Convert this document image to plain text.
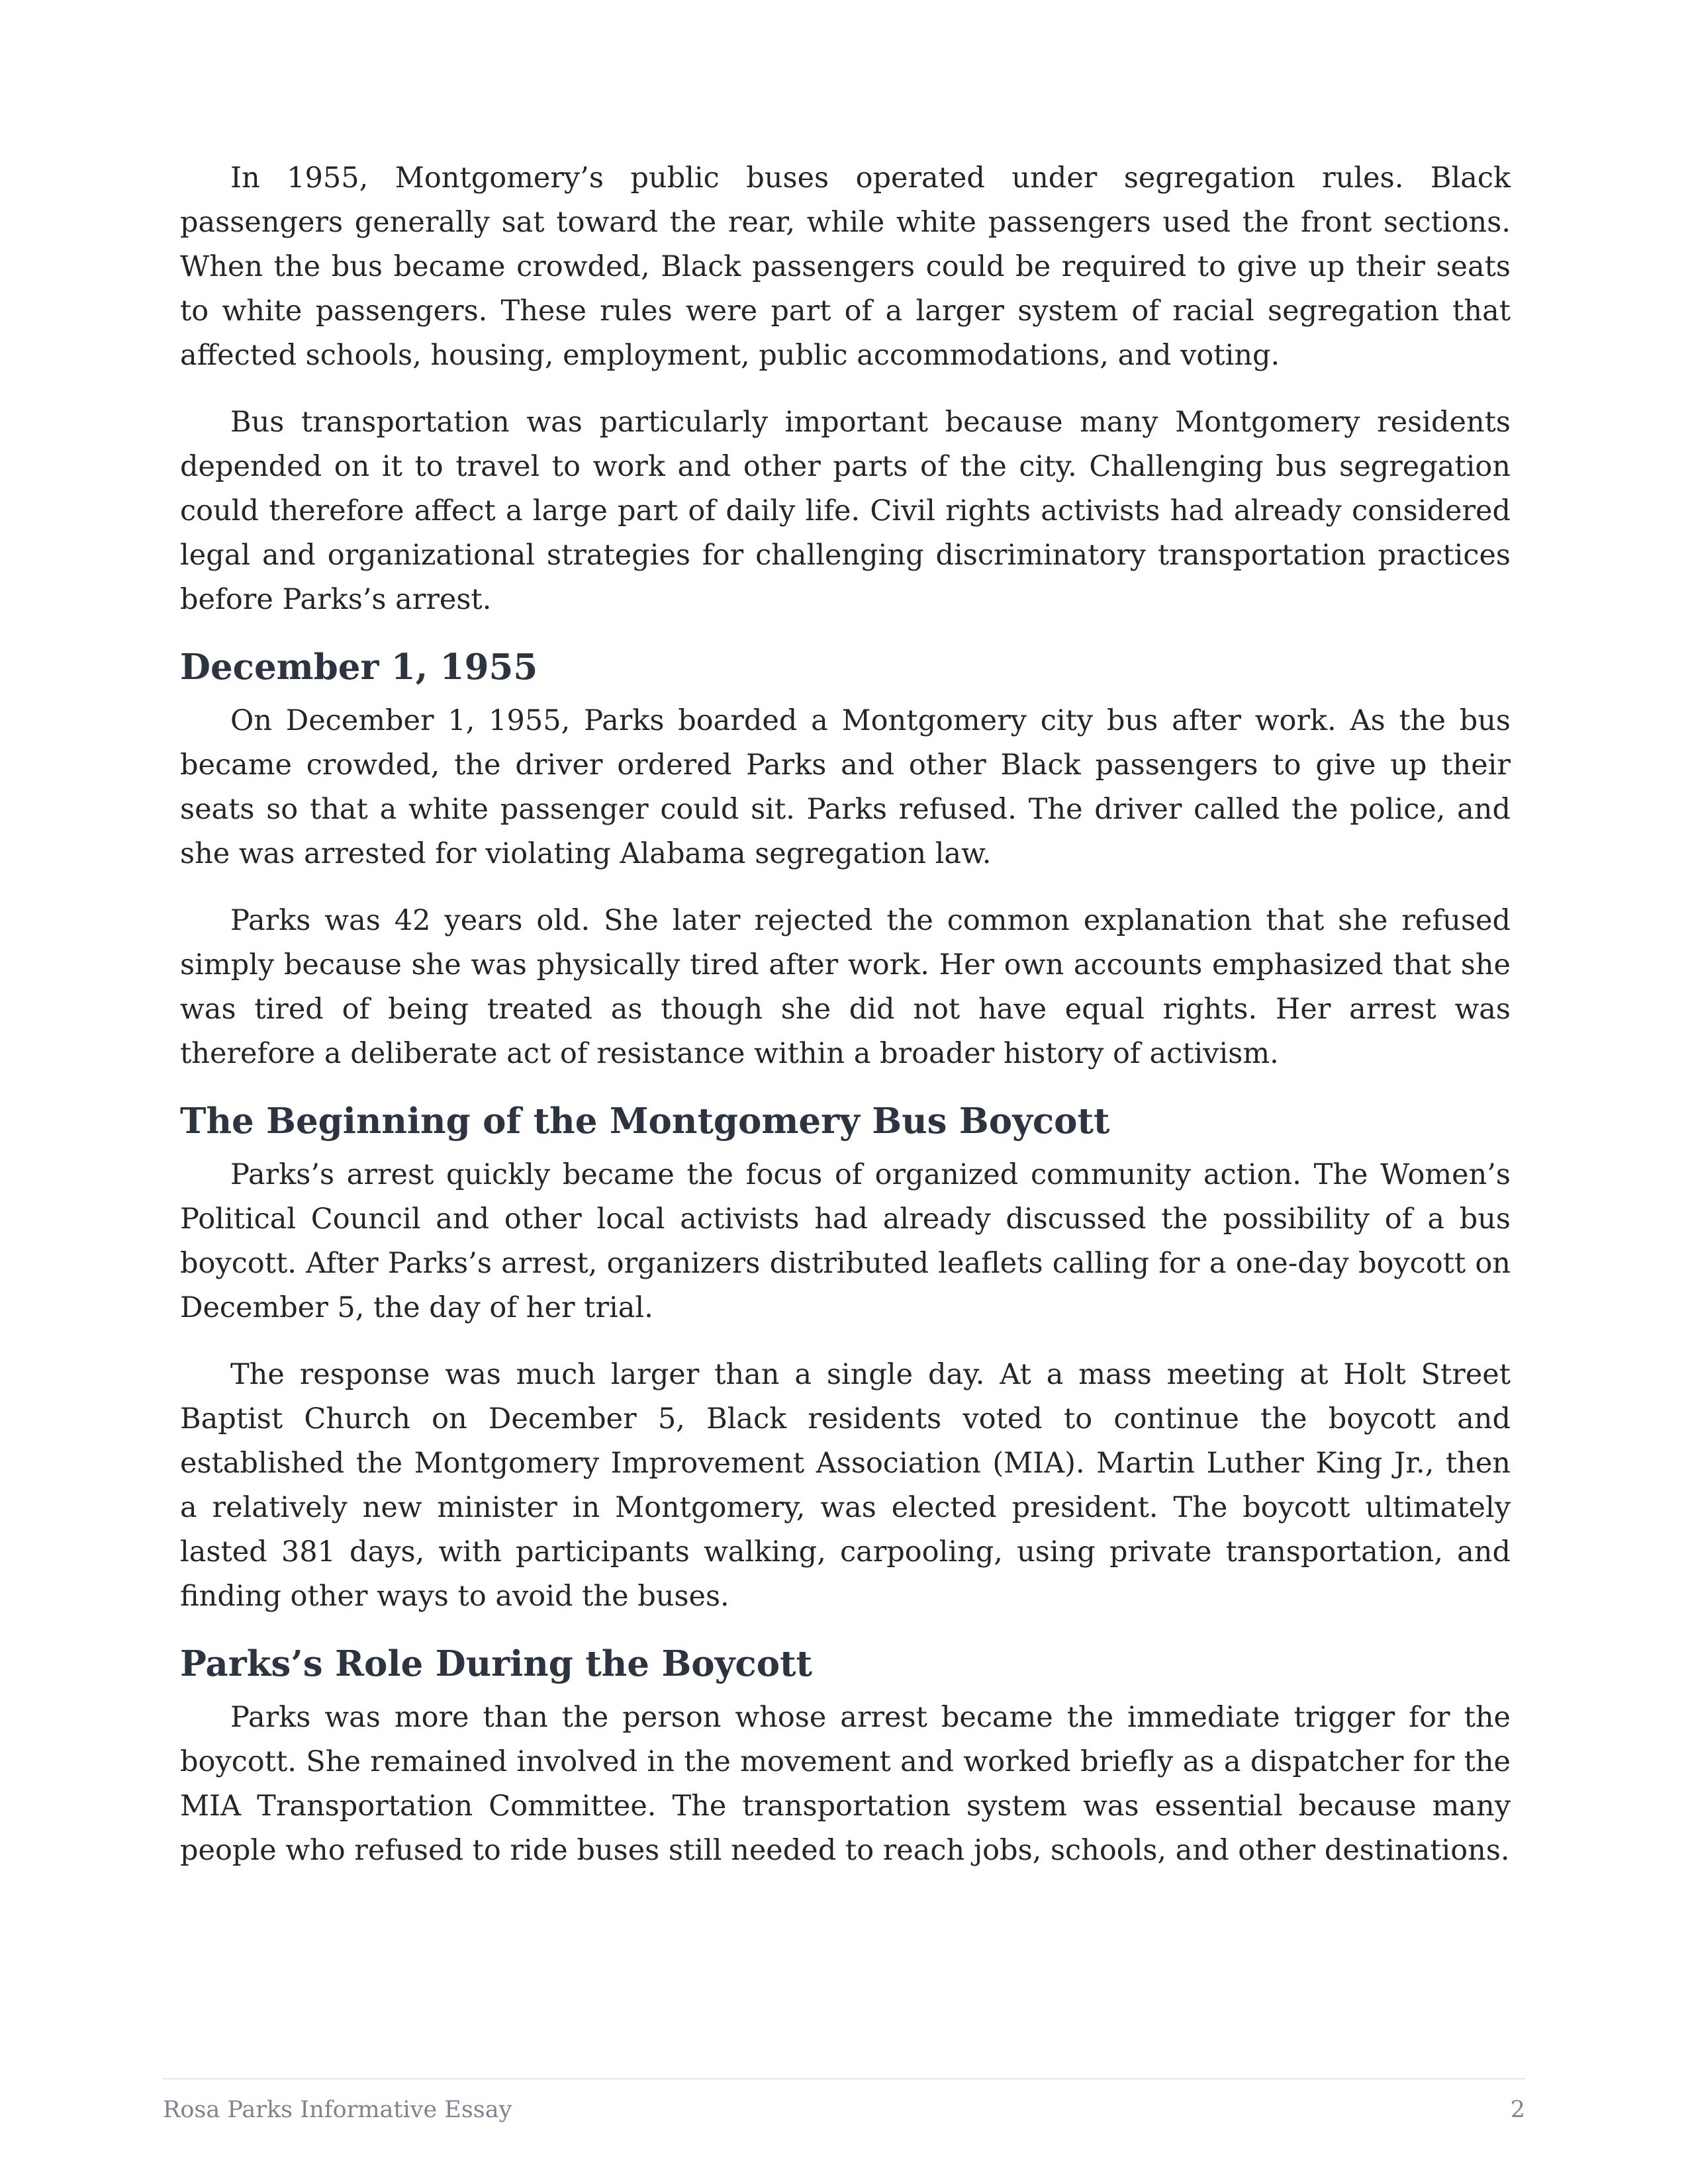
In 1955, Montgomery’s public buses operated under segregation rules. Black passengers generally sat toward the rear, while white passengers used the front sections. When the bus became crowded, Black passengers could be required to give up their seats to white passengers. These rules were part of a larger system of racial segregation that affected schools, housing, employment, public accommodations, and voting.

Bus transportation was particularly important because many Montgomery residents depended on it to travel to work and other parts of the city. Challenging bus segregation could therefore affect a large part of daily life. Civil rights activists had already considered legal and organizational strategies for challenging discriminatory transportation practices before Parks’s arrest.

December 1, 1955

On December 1, 1955, Parks boarded a Montgomery city bus after work. As the bus became crowded, the driver ordered Parks and other Black passengers to give up their seats so that a white passenger could sit. Parks refused. The driver called the police, and she was arrested for violating Alabama segregation law.

Parks was 42 years old. She later rejected the common explanation that she refused simply because she was physically tired after work. Her own accounts emphasized that she was tired of being treated as though she did not have equal rights. Her arrest was therefore a deliberate act of resistance within a broader history of activism.

The Beginning of the Montgomery Bus Boycott

Parks’s arrest quickly became the focus of organized community action. The Women’s Political Council and other local activists had already discussed the possibility of a bus boycott. After Parks’s arrest, organizers distributed leaflets calling for a one-day boycott on December 5, the day of her trial.

The response was much larger than a single day. At a mass meeting at Holt Street Baptist Church on December 5, Black residents voted to continue the boycott and established the Montgomery Improvement Association (MIA). Martin Luther King Jr., then a relatively new minister in Montgomery, was elected president. The boycott ultimately lasted 381 days, with participants walking, carpooling, using private transportation, and finding other ways to avoid the buses.

Parks’s Role During the Boycott

Parks was more than the person whose arrest became the immediate trigger for the boycott. She remained involved in the movement and worked briefly as a dispatcher for the MIA Transportation Committee. The transportation system was essential because many people who refused to ride buses still needed to reach jobs, schools, and other destinations.

Rosa Parks Informative Essay	2
